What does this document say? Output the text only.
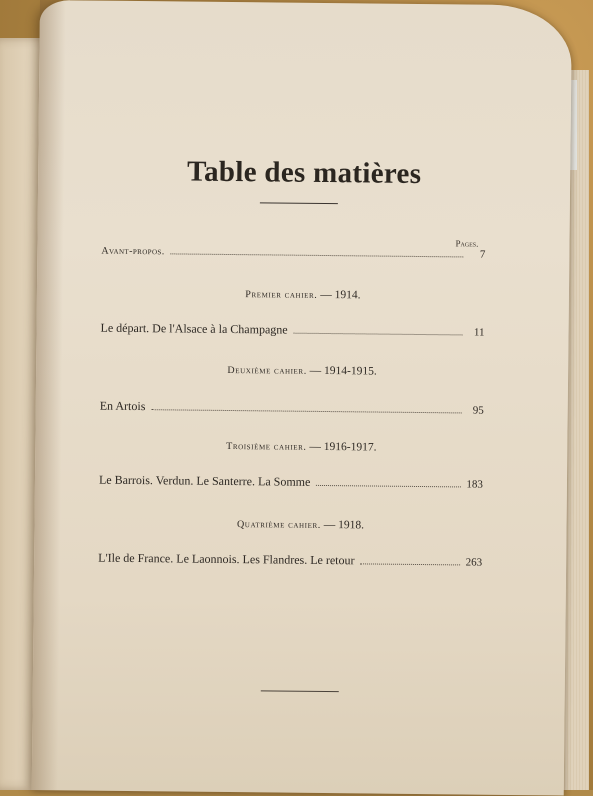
Table des matières
Pages.
Avant-propos.	7
Premier cahier. — 1914.
Le départ. De l'Alsace à la Champagne	11
Deuxième cahier. — 1914-1915.
En Artois	95
Troisième cahier. — 1916-1917.
Le Barrois. Verdun. Le Santerre. La Somme	183
Quatrième cahier. — 1918.
L'Ile de France. Le Laonnois. Les Flandres. Le retour	263
